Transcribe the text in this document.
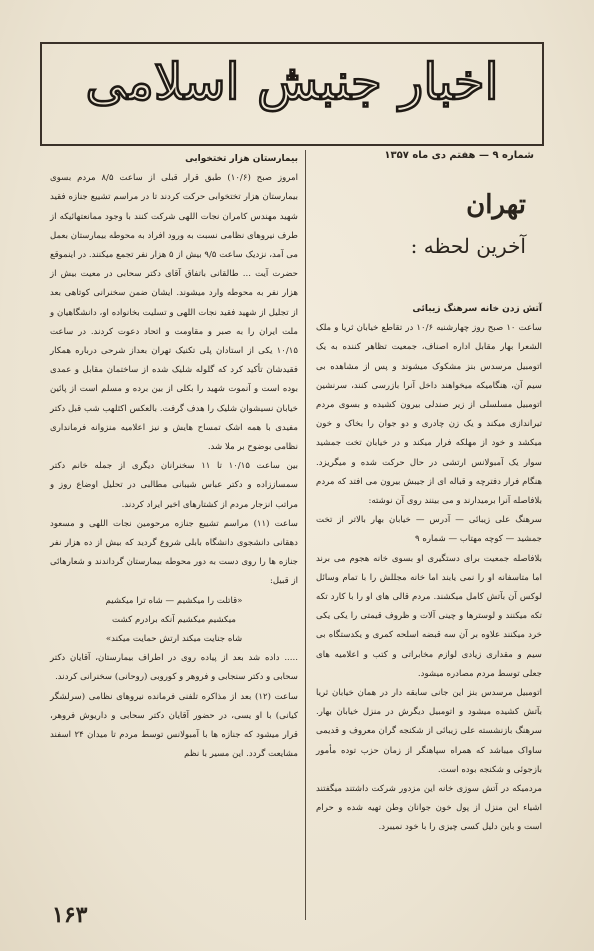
اخبار جنبش اسلامی
شماره ۹ — هفتم دی ماه ۱۳۵۷
تهران
آخرین لحظه :

آتش زدن خانه سرهنگ زیبائی

ساعت ۱۰ صبح روز چهارشنبه ۱۰/۶ در تقاطع خیابان ثریا و ملک الشعرا بهار مقابل اداره اصناف، جمعیت تظاهر کننده به یک اتومبیل مرسدس بنز مشکوک میشوند و پس از مشاهده بی سیم آن، هنگامیکه میخواهند داخل آنرا بازرسی کنند، سرنشین اتومبیل مسلسلی از زیر صندلی بیرون کشیده و بسوی مردم تیراندازی میکند و یک زن چادری و دو جوان را بخاک و خون میکشد و خود از مهلکه فرار میکند و در خیابان تخت جمشید سوار یک آمبولانس ارتشی در حال حرکت شده و میگریزد. هنگام فرار دفترچه و قباله ای از جیبش بیرون می افتد که مردم بلافاصله آنرا برمیدارند و می بینند روی آن نوشته:

سرهنگ علی زیبائی — آدرس — خیابان بهار بالاتر از تخت جمشید — کوچه مهتاب — شماره ۹

بلافاصله جمعیت برای دستگیری او بسوی خانه هجوم می برند اما متاسفانه او را نمی یابند اما خانه مجللش را با تمام وسائل لوکس آن بآتش کامل میکشند. مردم قالی های او را با کارد تکه تکه میکنند و لوسترها و چینی آلات و ظروف قیمتی را یکی یکی خرد میکنند علاوه بر آن سه قبضه اسلحه کمری و یکدستگاه بی سیم و مقداری زیادی لوازم مخابراتی و کتب و اعلامیه های جعلی توسط مردم مصادره میشود.

اتومبیل مرسدس بنز این جانی سابقه دار در همان خیابان ثریا بآتش کشیده میشود و اتومبیل دیگرش در منزل خیابان بهار. سرهنگ بازنشسته علی زیبائی از شکنجه گران معروف و قدیمی ساواک میباشد که همراه سپاهنگر از زمان حزب توده مأمور بازجوئی و شکنجه بوده است.

مردمیکه در آتش سوزی خانه این مزدور شرکت داشتند میگفتند اشیاء این منزل از پول خون جوانان وطن تهیه شده و حرام است و باین دلیل کسی چیزی را با خود نمیبرد.

بیمارستان هزار تختخوابی

امروز صبح (۱۰/۶) طبق قرار قبلی از ساعت ۸/۵ مردم بسوی بیمارستان هزار تختخوابی حرکت کردند تا در مراسم تشییع جنازه فقید شهید مهندس کامران نجات اللهی شرکت کنند با وجود ممانعتهائیکه از طرف نیروهای نظامی نسبت به ورود افراد به محوطه بیمارستان بعمل می آمد، نزدیک ساعت ۹/۵ بیش از ۵ هزار نفر تجمع میکنند. در اینموقع حضرت آیت ... طالقانی باتفاق آقای دکتر سحابی در معیت بیش از هزار نفر به محوطه وارد میشوند. ایشان ضمن سخنرانی کوتاهی بعد از تجلیل از شهید فقید نجات اللهی و تسلیت بخانواده او، دانشگاهیان و ملت ایران را به صبر و مقاومت و اتحاد دعوت کردند. در ساعت ۱۰/۱۵ یکی از استادان پلی تکنیک تهران بعداز شرحی درباره همکار فقیدشان تأکید کرد که گلوله شلیک شده از ساختمان مقابل و عمدی بوده است و آنموت شهید را بکلی از بین برده و مسلم است از پائین خیابان نسیشوان شلیک را هدف گرفت. بالعکس اکثلهب شب قبل دکتر مفیدی با همه اشک تمساح هایش و نیز اعلامیه منزوانه فرمانداری نظامی بوضوح بر ملا شد.

بین ساعت ۱۰/۱۵ تا ۱۱ سخنرانان دیگری از جمله خانم دکتر سمساززاده و دکتر عباس شیبانی مطالبی در تحلیل اوضاع روز و مراتب انزجار مردم از کشتارهای اخیر ایراد کردند.

ساعت (۱۱) مراسم تشییع جنازه مرحومین نجات اللهی و مسعود دهقانی دانشجوی دانشگاه بابلی شروع گردید که بیش از ده هزار نفر جنازه ها را روی دست به دور محوطه بیمارستان گرداندند و شعارهائی از قبیل:

«قاتلت را میکشیم — شاه ترا میکشیم

میکشیم میکشیم آنکه برادرم کشت

شاه جنایت میکند ارتش حمایت میکند»

..... داده شد بعد از پیاده روی در اطراف بیمارستان، آقایان دکتر سحابی و دکتر سنجابی و فروهر و کوروبی (روحانی) سخنرانی کردند.

ساعت (۱۲) بعد از مذاکره تلفنی فرمانده نیروهای نظامی (سرلشگر کیانی) با او یسی، در حضور آقایان دکتر سحابی و داریوش فروهر، قرار میشود که جنازه ها با آمبولانس توسط مردم تا میدان ۲۴ اسفند مشایعت گردد. این مسیر با نظم

۱۶۳
